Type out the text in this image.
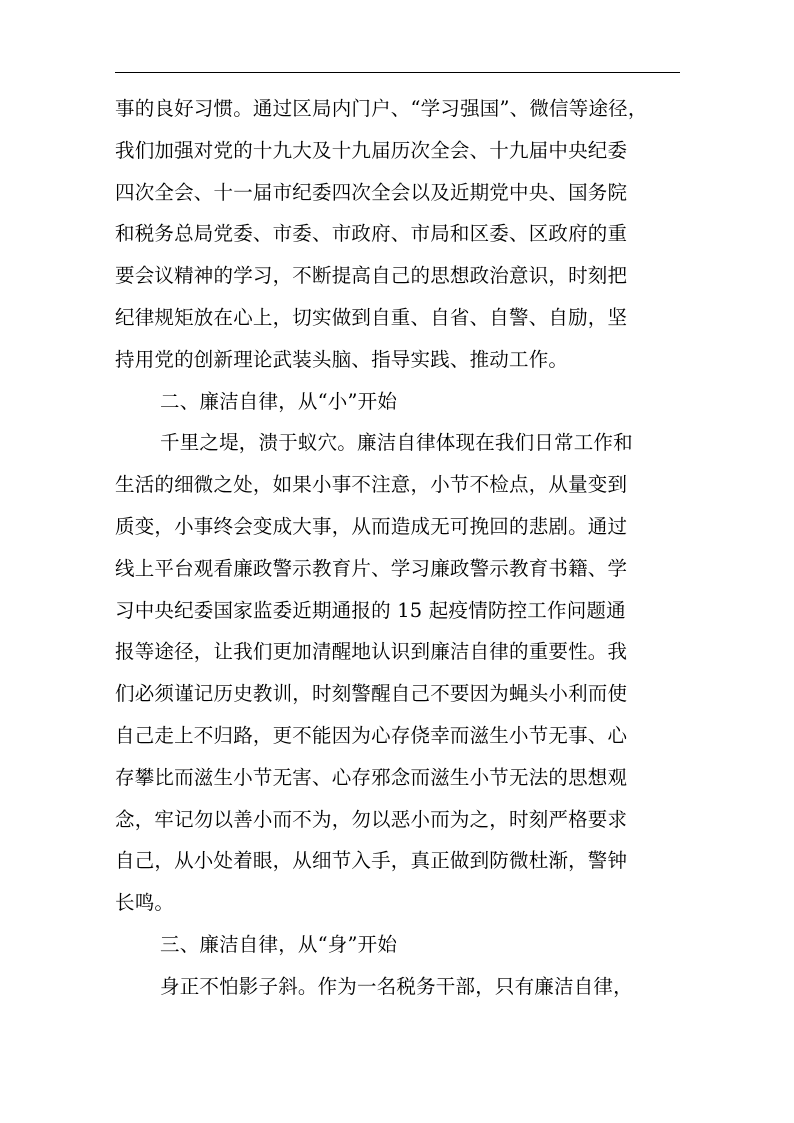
事的良好习惯。通过区局内门户、“学习强国”、微信等途径，
我们加强对党的十九大及十九届历次全会、十九届中央纪委
四次全会、十一届市纪委四次全会以及近期党中央、国务院
和税务总局党委、市委、市政府、市局和区委、区政府的重
要会议精神的学习，不断提高自己的思想政治意识，时刻把
纪律规矩放在心上，切实做到自重、自省、自警、自励，坚
持用党的创新理论武装头脑、指导实践、推动工作。
二、廉洁自律，从“小”开始
千里之堤，溃于蚁穴。廉洁自律体现在我们日常工作和
生活的细微之处，如果小事不注意，小节不检点，从量变到
质变，小事终会变成大事，从而造成无可挽回的悲剧。通过
线上平台观看廉政警示教育片、学习廉政警示教育书籍、学
习中央纪委国家监委近期通报的 15 起疫情防控工作问题通
报等途径，让我们更加清醒地认识到廉洁自律的重要性。我
们必须谨记历史教训，时刻警醒自己不要因为蝇头小利而使
自己走上不归路，更不能因为心存侥幸而滋生小节无事、心
存攀比而滋生小节无害、心存邪念而滋生小节无法的思想观
念，牢记勿以善小而不为，勿以恶小而为之，时刻严格要求
自己，从小处着眼，从细节入手，真正做到防微杜渐，警钟
长鸣。
三、廉洁自律，从“身”开始
身正不怕影子斜。作为一名税务干部，只有廉洁自律，
